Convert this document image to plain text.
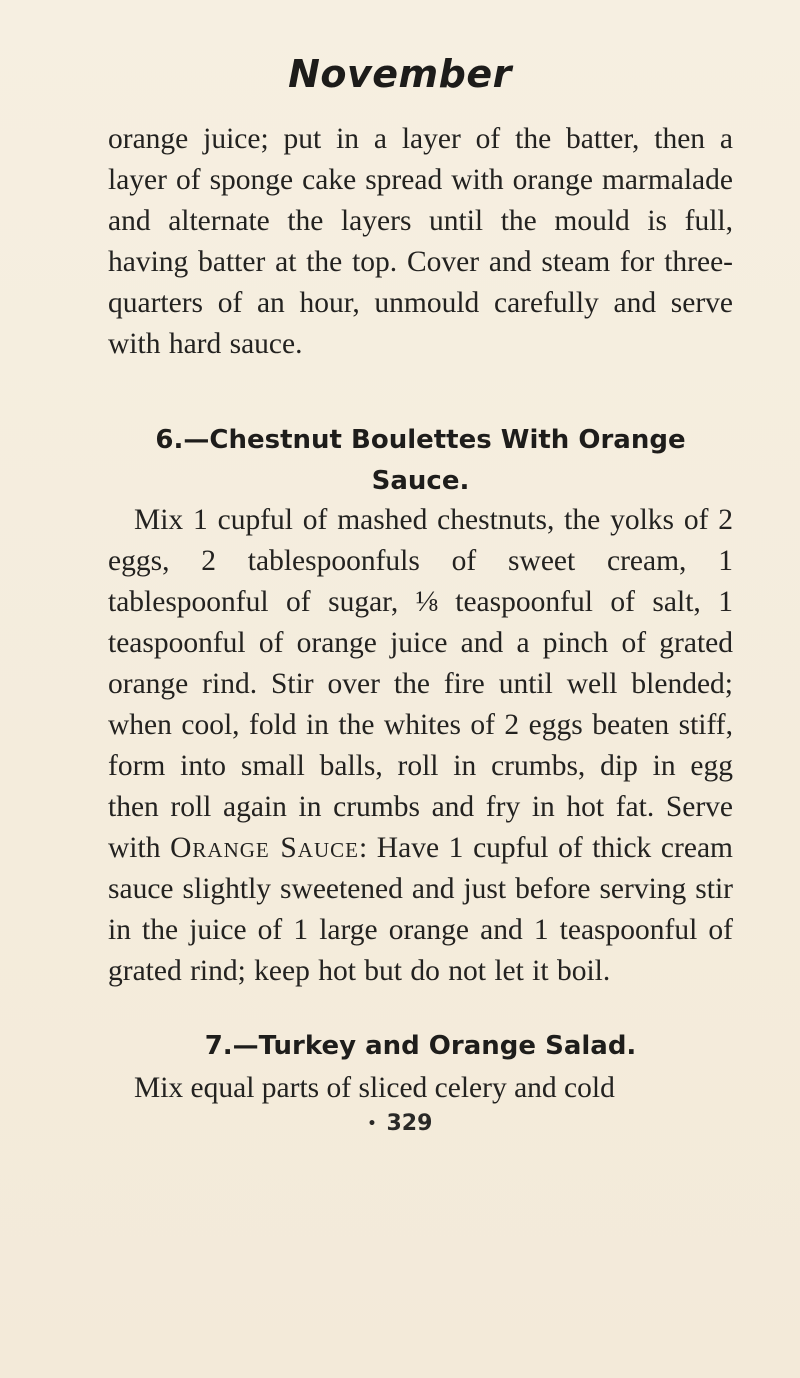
November

orange juice; put in a layer of the batter, then a layer of sponge cake spread with orange marmalade and alternate the layers until the mould is full, having batter at the top. Cover and steam for three-quarters of an hour, unmould carefully and serve with hard sauce.

6.—Chestnut Boulettes With Orange Sauce.

Mix 1 cupful of mashed chestnuts, the yolks of 2 eggs, 2 tablespoonfuls of sweet cream, 1 tablespoonful of sugar, ⅛ teaspoonful of salt, 1 teaspoonful of orange juice and a pinch of grated orange rind. Stir over the fire until well blended; when cool, fold in the whites of 2 eggs beaten stiff, form into small balls, roll in crumbs, dip in egg then roll again in crumbs and fry in hot fat. Serve with Orange Sauce: Have 1 cupful of thick cream sauce slightly sweetened and just before serving stir in the juice of 1 large orange and 1 teaspoonful of grated rind; keep hot but do not let it boil.

7.—Turkey and Orange Salad.

Mix equal parts of sliced celery and cold

• 329
